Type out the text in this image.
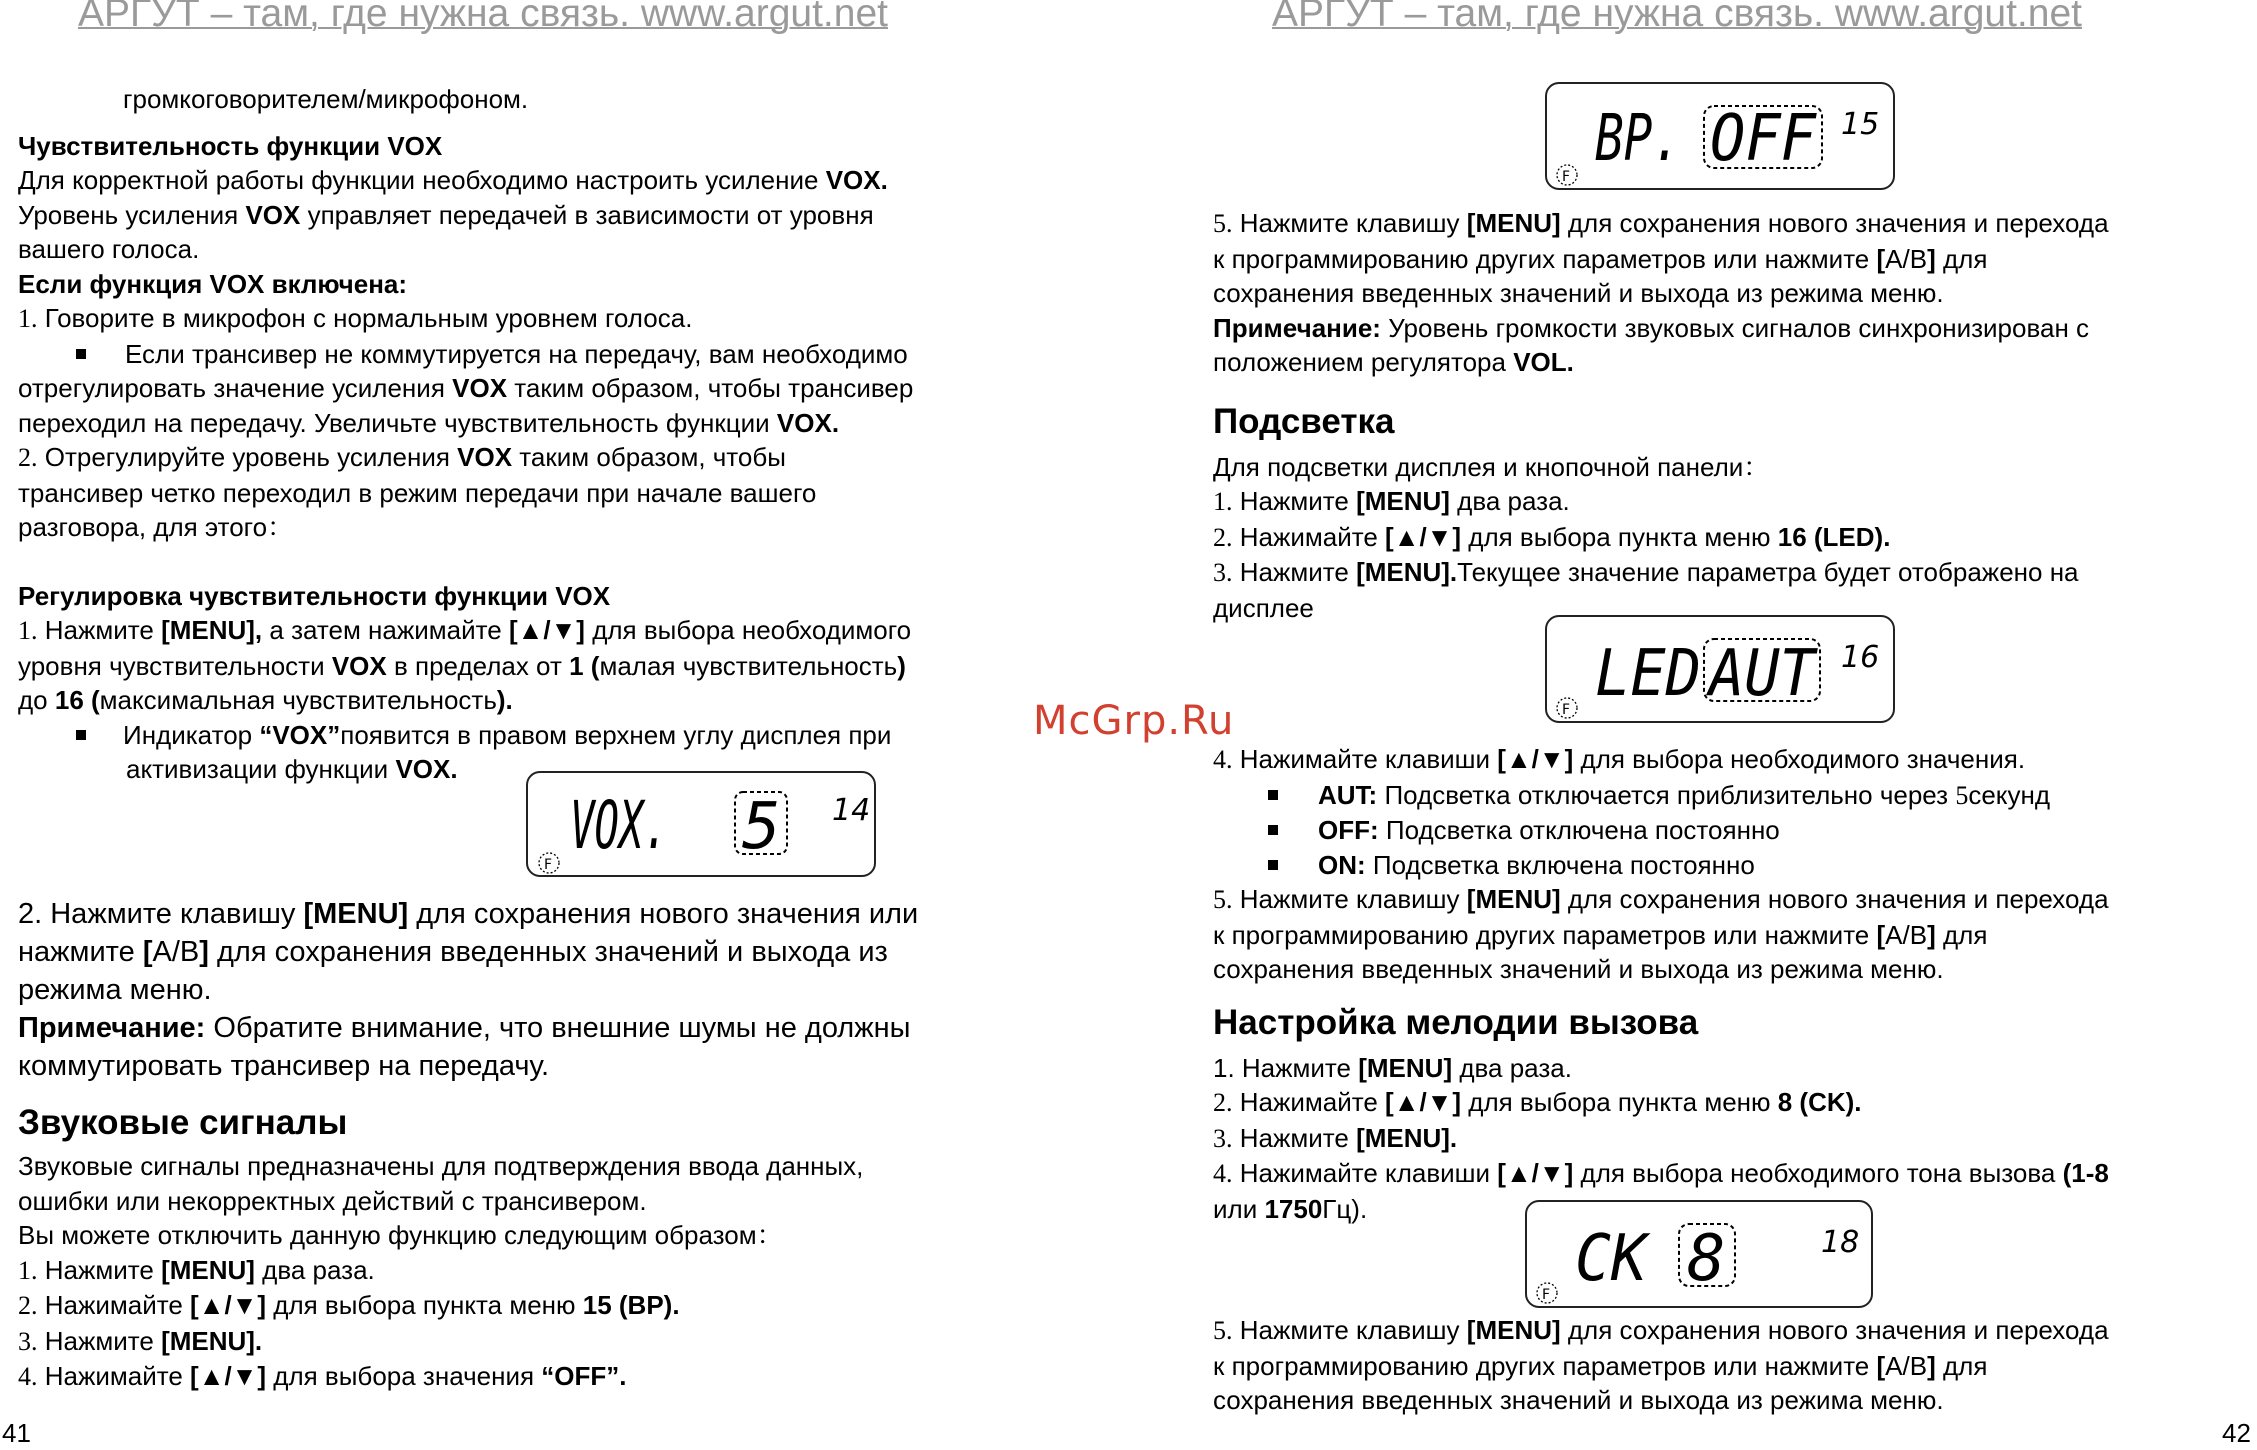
АРГУТ – там, где нужна связь. www.argut.net	АРГУТ – там, где нужна связь. www.argut.net

громкоговорителем/микрофоном.

Чувствительность функции VOX

Для корректной работы функции необходимо настроить усиление VOX.

Уровень усиления VOX управляет передачей в зависимости от уровня

вашего голоса.

Если функция VOX включена:

1. Говорите в микрофон с нормальным уровнем голоса.

Если трансивер не коммутируется на передачу, вам необходимо

отрегулировать значение усиления VOX таким образом, чтобы трансивер

переходил на передачу. Увеличьте чувствительность функции VOX.

2. Отрегулируйте уровень усиления VOX таким образом, чтобы

трансивер четко переходил в режим передачи при начале вашего

разговора, для этого：

Регулировка чувствительности функции VOX

1. Нажмите [MENU], а затем нажимайте [▲/▼] для выбора необходимого

уровня чувствительности VOX в пределах от 1 (малая чувствительность)

до 16 (максимальная чувствительность).

Индикатор “VOX”появится в правом верхнем углу дисплея при

активизации функции VOX.

VOX. 5 14
F

2. Нажмите клавишу [MENU] для сохранения нового значения или

нажмите [A/B] для сохранения введенных значений и выхода из

режима меню.

Примечание: Обратите внимание, что внешние шумы не должны

коммутировать трансивер на передачу.

Звуковые сигналы

Звуковые сигналы предназначены для подтверждения ввода данных,

ошибки или некорректных действий с трансивером.

Вы можете отключить данную функцию следующим образом：

1. Нажмите [MENU] два раза.

2. Нажимайте [▲/▼] для выбора пункта меню 15 (BP).

3. Нажмите [MENU].

4. Нажимайте [▲/▼] для выбора значения “OFF”.

41
McGrp.Ru
BP. OFF 15
F

5. Нажмите клавишу [MENU] для сохранения нового значения и перехода

к программированию других параметров или нажмите [A/B] для

сохранения введенных значений и выхода из режима меню.

Примечание: Уровень громкости звуковых сигналов синхронизирован с

положением регулятора VOL.

Подсветка

Для подсветки дисплея и кнопочной панели：

1. Нажмите [MENU] два раза.

2. Нажимайте [▲/▼] для выбора пункта меню 16 (LED).

3. Нажмите [MENU].Текущее значение параметра будет отображено на

дисплее

LED AUT 16
F

4. Нажимайте клавиши [▲/▼] для выбора необходимого значения.

AUT: Подсветка отключается приблизительно через 5секунд

OFF: Подсветка отключена постоянно

ON: Подсветка включена постоянно

5. Нажмите клавишу [MENU] для сохранения нового значения и перехода

к программированию других параметров или нажмите [A/B] для

сохранения введенных значений и выхода из режима меню.

Настройка мелодии вызова

1. Нажмите [MENU] два раза.

2. Нажимайте [▲/▼] для выбора пункта меню 8 (CK).

3. Нажмите [MENU].

4. Нажимайте клавиши [▲/▼] для выбора необходимого тона вызова (1-8

или 1750Гц).

CK 8	18
F

5. Нажмите клавишу [MENU] для сохранения нового значения и перехода

к программированию других параметров или нажмите [A/B] для

сохранения введенных значений и выхода из режима меню.

42
